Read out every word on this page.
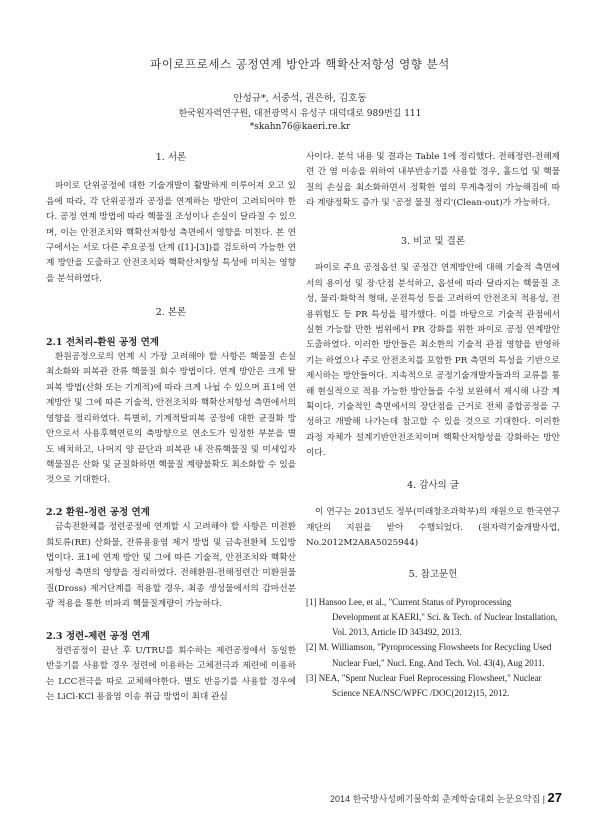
파이로프로세스 공정연계 방안과 핵확산저항성 영향 분석
안성규*, 서중석, 권은하, 김호동
한국원자력연구원, 대전광역시 유성구 대덕대로 989번길 111
*skahn76@kaeri.re.kr
1. 서론

파이로 단위공정에 대한 기술개발이 활발하게 이루어져 오고 있음에 따라, 각 단위공정과 공정을 연계하는 방안이 고려되어야 한다. 공정 연계 방법에 따라 핵물질 조성이나 손실이 달라질 수 있으며, 이는 안전조치와 핵확산저항성 측면에서 영향을 미친다. 본 연구에서는 서로 다른 주요공정 단계 ([1]-[3])를 검토하여 가능한 연계 방안을 도출하고 안전조치와 핵확산저항성 특성에 미치는 영향을 분석하였다.

2. 본론
2.1 전처리-환원 공정 연계

환원공정으로의 연계 시 가장 고려해야 할 사항은 핵물질 손실 최소화와 피복관 잔류 핵물질 회수 방법이다. 연계 방안은 크게 탈피복 방법(산화 또는 기계적)에 따라 크게 나뉠 수 있으며 표1에 연계방안 및 그에 따른 기술적, 안전조치와 핵확산저항성 측면에서의 영향을 정리하였다. 특별히, 기계적탈피복 공정에 대한 균질화 방안으로서 사용후핵연료의 축방향으로 연소도가 일정한 부분을 별도 배치하고, 나머지 양 끝단과 피복관 내 잔류핵물질 및 미세입자 핵물질은 산화 및 균질화하면 핵물질 계량불확도 최소화할 수 있을 것으로 기대한다.

2.2 환원-정련 공정 연계

금속전환체를 정련공정에 연계할 시 고려해야 할 사항은 미전환 희토류(RE) 산화물, 잔류용융염 제거 방법 및 금속전환체 도입방법이다. 표1에 연계 방안 및 그에 따른 기술적, 안전조치와 핵확산저항성 측면의 영향을 정리하였다. 전해환원-전해정련간 미환원물질(Dross) 제거단계를 적용할 경우, 최종 생성물에서의 감마선분광 적용을 통한 비파괴 핵물질계량이 가능하다.

2.3 정련-제련 공정 연계

정련공정이 끝난 후 U/TRU를 회수하는 제련공정에서 동일한 반응기를 사용할 경우 정련에 이용하는 고체전극과 제련에 이용하는 LCC전극을 따로 교체해야한다. 별도 반응기를 사용할 경우에는 LiCl-KCl 용융염 이송 취급 방법이 최대 관심

3. 비교 및 결론

파이로 주요 공정옵션 및 공정간 연계방안에 대해 기술적 측면에서의 용이성 및 장·단점 분석하고, 옵션에 따라 달라지는 핵물질 조성, 물리·화학적 형태, 운전특성 등을 고려하여 안전조치 적용성, 전용위험도 등 PR 특성을 평가했다. 이를 바탕으로 기술적 관점에서 실현 가능할 만한 범위에서 PR 강화를 위한 파이로 공정 연계방안 도출하였다. 이러한 방안들은 최소한의 기술적 관점 영향을 반영하기는 하였으나 주로 안전조치를 포함한 PR 측면의 특성을 기반으로 제시하는 방안들이다. 지속적으로 공정기술개발자들과의 교류를 통해 현실적으로 적용 가능한 방안들을 수정 보완해서 제시해 나갈 계획이다. 기술적인 측면에서의 장단점을 근거로 전체 종합공정을 구성하고 개발해 나가는데 참고할 수 있을 것으로 기대한다. 이러한 과정 자체가 설계기반안전조치이며 핵확산저항성을 강화하는 방안이다.

4. 감사의 글

이 연구는 2013년도 정부(미래창조과학부)의 재원으로 한국연구재단의 지원을 받아 수행되었다. (원자력기술개발사업, No.2012M2A8A5025944)

5. 참고문헌

[1] Hansoo Lee, et al., "Current Status of Pyroprocessing Development at KAERI," Sci. & Tech. of Nuclear Installation, Vol. 2013, Article ID 343492, 2013.

[2] M. Williamson, "Pyroprocessing Flowsheets for Recycling Used Nuclear Fuel," Nucl. Eng. And Tech. Vol. 43(4), Aug 2011.

[3] NEA, "Spent Nuclear Fuel Reprocessing Flowsheet," Nuclear Science NEA/NSC/WPFC /DOC(2012)15, 2012.

사이다. 분석 내용 및 결과는 Table 1에 정리했다. 전해정련-전해제련 간 염 이송을 위하여 내부반송기를 사용할 경우, 홀드업 및 핵물질의 손실을 최소화하면서 정확한 염의 무게측정이 가능해짐에 따라 계량정확도 증가 및 '공정 물질 정리'(Clean-out)가 가능하다.

2014 한국방사성폐기물학회 춘계학술대회 논문요약집 | 27
